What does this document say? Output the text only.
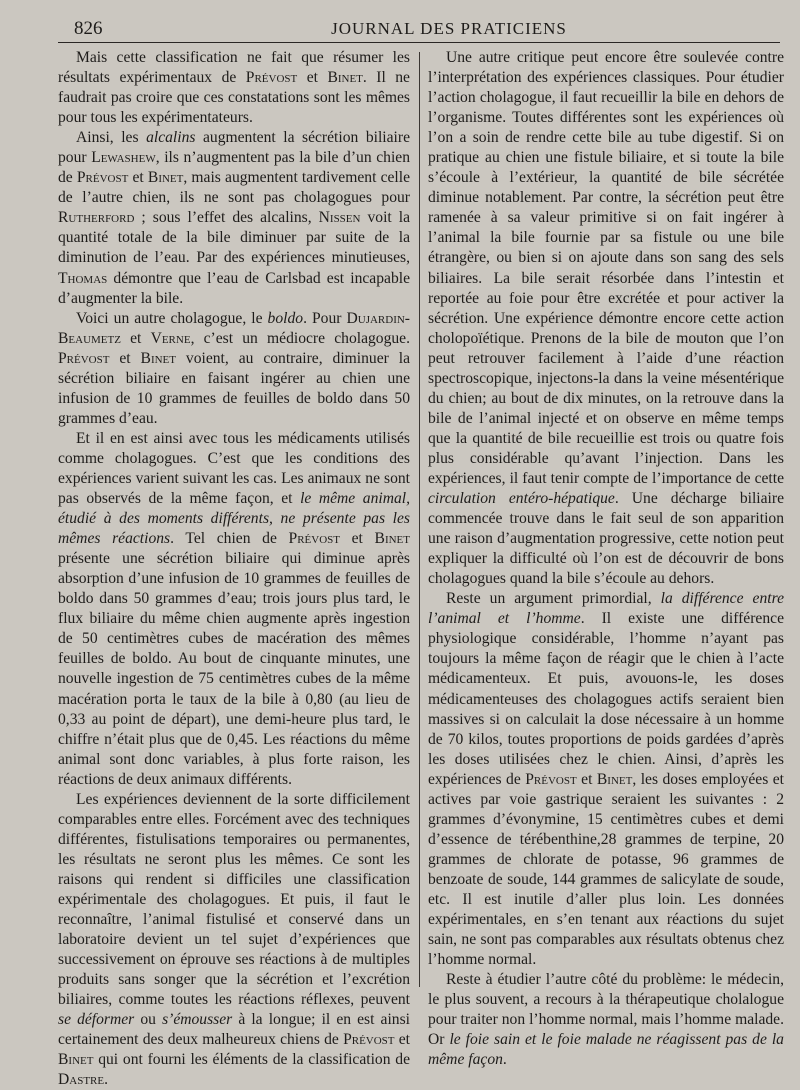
826	JOURNAL DES PRATICIENS

Mais cette classification ne fait que résumer les résultats expérimentaux de Prévost et Binet. Il ne faudrait pas croire que ces constatations sont les mêmes pour tous les expérimentateurs.

Ainsi, les alcalins augmentent la sécrétion biliaire pour Lewashew, ils n’augmentent pas la bile d’un chien de Prévost et Binet, mais augmentent tardivement celle de l’autre chien, ils ne sont pas cholagogues pour Rutherford ; sous l’effet des alcalins, Nissen voit la quantité totale de la bile diminuer par suite de la diminution de l’eau. Par des expériences minutieuses, Thomas démontre que l’eau de Carlsbad est incapable d’augmenter la bile.

Voici un autre cholagogue, le boldo. Pour Dujardin-Beaumetz et Verne, c’est un médiocre cholagogue. Prévost et Binet voient, au contraire, diminuer la sécrétion biliaire en faisant ingérer au chien une infusion de 10 grammes de feuilles de boldo dans 50 grammes d’eau.

Et il en est ainsi avec tous les médicaments utilisés comme cholagogues. C’est que les conditions des expériences varient suivant les cas. Les animaux ne sont pas observés de la même façon, et le même animal, étudié à des moments différents, ne présente pas les mêmes réactions. Tel chien de Prévost et Binet présente une sécrétion biliaire qui diminue après absorption d’une infusion de 10 grammes de feuilles de boldo dans 50 grammes d’eau; trois jours plus tard, le flux biliaire du même chien augmente après ingestion de 50 centimètres cubes de macération des mêmes feuilles de boldo. Au bout de cinquante minutes, une nouvelle ingestion de 75 centimètres cubes de la même macération porta le taux de la bile à 0,80 (au lieu de 0,33 au point de départ), une demi-heure plus tard, le chiffre n’était plus que de 0,45. Les réactions du même animal sont donc variables, à plus forte raison, les réactions de deux animaux différents.

Les expériences deviennent de la sorte difficilement comparables entre elles. Forcément avec des techniques différentes, fistulisations temporaires ou permanentes, les résultats ne seront plus les mêmes. Ce sont les raisons qui rendent si difficiles une classification expérimentale des cholagogues. Et puis, il faut le reconnaître, l’animal fistulisé et conservé dans un laboratoire devient un tel sujet d’expériences que successivement on éprouve ses réactions à de multiples produits sans songer que la sécrétion et l’excrétion biliaires, comme toutes les réactions réflexes, peuvent se déformer ou s’émousser à la longue; il en est ainsi certainement des deux malheureux chiens de Prévost et Binet qui ont fourni les éléments de la classification de Dastre.

Une autre critique peut encore être soulevée contre l’interprétation des expériences classiques. Pour étudier l’action cholagogue, il faut recueillir la bile en dehors de l’organisme. Toutes différentes sont les expériences où l’on a soin de rendre cette bile au tube digestif. Si on pratique au chien une fistule biliaire, et si toute la bile s’écoule à l’extérieur, la quantité de bile sécrétée diminue notablement. Par contre, la sécrétion peut être ramenée à sa valeur primitive si on fait ingérer à l’animal la bile fournie par sa fistule ou une bile étrangère, ou bien si on ajoute dans son sang des sels biliaires. La bile serait résorbée dans l’intestin et reportée au foie pour être excrétée et pour activer la sécrétion. Une expérience démontre encore cette action cholopoïétique. Prenons de la bile de mouton que l’on peut retrouver facilement à l’aide d’une réaction spectroscopique, injectons-la dans la veine mésentérique du chien; au bout de dix minutes, on la retrouve dans la bile de l’animal injecté et on observe en même temps que la quantité de bile recueillie est trois ou quatre fois plus considérable qu’avant l’injection. Dans les expériences, il faut tenir compte de l’importance de cette circulation entéro-hépatique. Une décharge biliaire commencée trouve dans le fait seul de son apparition une raison d’augmentation progressive, cette notion peut expliquer la difficulté où l’on est de découvrir de bons cholagogues quand la bile s’écoule au dehors.

Reste un argument primordial, la différence entre l’animal et l’homme. Il existe une différence physiologique considérable, l’homme n’ayant pas toujours la même façon de réagir que le chien à l’acte médicamenteux. Et puis, avouons-le, les doses médicamenteuses des cholagogues actifs seraient bien massives si on calculait la dose nécessaire à un homme de 70 kilos, toutes proportions de poids gardées d’après les doses utilisées chez le chien. Ainsi, d’après les expériences de Prévost et Binet, les doses employées et actives par voie gastrique seraient les suivantes : 2 grammes d’évonymine, 15 centimètres cubes et demi d’essence de térébenthine,28 grammes de terpine, 20 grammes de chlorate de potasse, 96 grammes de benzoate de soude, 144 grammes de salicylate de soude, etc. Il est inutile d’aller plus loin. Les données expérimentales, en s’en tenant aux réactions du sujet sain, ne sont pas comparables aux résultats obtenus chez l’homme normal.

Reste à étudier l’autre côté du problème: le médecin, le plus souvent, a recours à la thérapeutique cholalogue pour traiter non l’homme normal, mais l’homme malade. Or le foie sain et le foie malade ne réagissent pas de la même façon.
